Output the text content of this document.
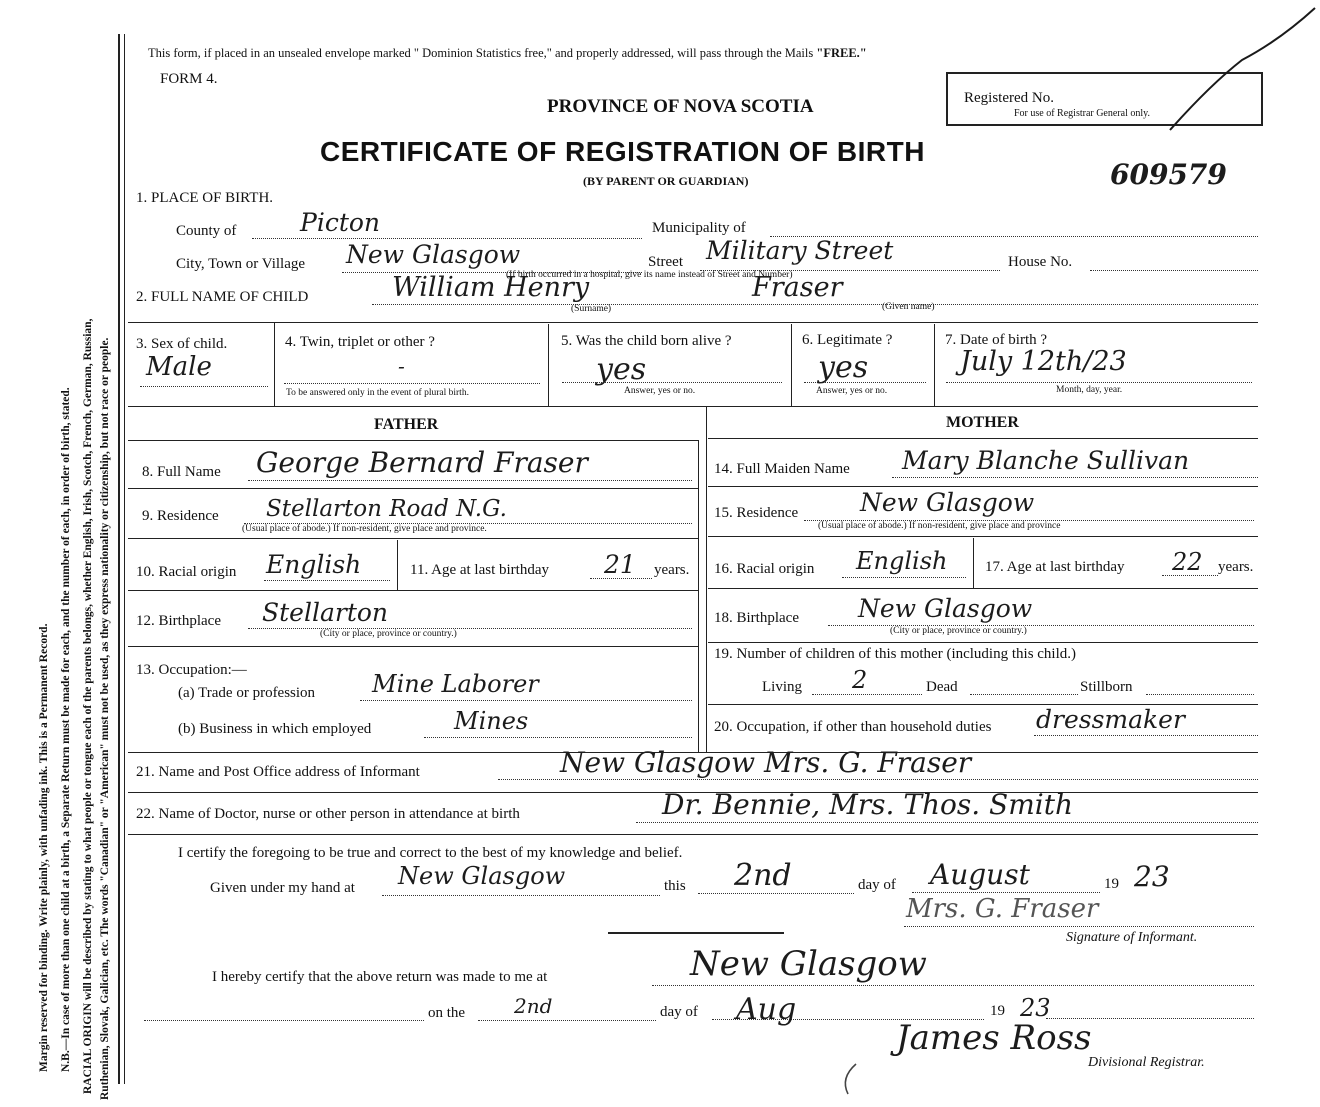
Margin reserved for binding. Write plainly, with unfading ink. This is a Permanent Record. N.B.—In case of more than one child at a birth, a Separate Return must be made for each, and the number of each, in order of birth, stated. RACIAL ORIGIN will be described by stating to what people or tongue each of the parents belongs, whether English, Irish, Scotch, French, German, Russian, Ruthenian, Slovak, Galician, etc. The words "Canadian" or "American" must not be used, as they express nationality or citizenship, but not race or people.
This form, if placed in an unsealed envelope marked " Dominion Statistics free," and properly addressed, will pass through the Mails "FREE."
FORM 4.
PROVINCE OF NOVA SCOTIA
CERTIFICATE OF REGISTRATION OF BIRTH
(BY PARENT OR GUARDIAN)
Registered No.
For use of Registrar General only.
609579
1. PLACE OF BIRTH.
County of	Picton	Municipality of
City, Town or Village New Glasgow	Street Military Street	House No.
(If birth occurred in a hospital, give its name instead of Street and Number)
2. FULL NAME OF CHILD	William Henry	Fraser
(Surname)	(Given name)
3. Sex of child.
Male
4. Twin, triplet or other ?
-
To be answered only in the event of plural birth.
5. Was the child born alive ?
yes
Answer, yes or no.
6. Legitimate ?
yes
Answer, yes or no.
7. Date of birth ?
July 12th/23
Month, day, year.
FATHER	MOTHER
8. Full Name George Bernard Fraser
9. Residence Stellarton Road N.G.
(Usual place of abode.) If non-resident, give place and province.
10. Racial origin English	11. Age at last birthday 21 years.
12. Birthplace Stellarton
(City or place, province or country.)
13. Occupation:—
(a) Trade or profession Mine Laborer
(b) Business in which employed	Mines
14. Full Maiden Name Mary Blanche Sullivan
15. Residence New Glasgow
(Usual place of abode.) If non-resident, give place and province
16. Racial origin English	17. Age at last birthday 22 years.
18. Birthplace New Glasgow
(City or place, province or country.)
19. Number of children of this mother (including this child.)
Living 2	Dead	Stillborn
20. Occupation, if other than household duties dressmaker
21. Name and Post Office address of Informant	New Glasgow Mrs. G. Fraser
22. Name of Doctor, nurse or other person in attendance at birth	Dr. Bennie, Mrs. Thos. Smith
I certify the foregoing to be true and correct to the best of my knowledge and belief.
Given under my hand at New Glasgow	this 2nd	day of August	19 23
Mrs. G. Fraser
Signature of Informant.
I hereby certify that the above return was made to me at	New Glasgow
on the 2nd	day of Aug	19 23
James Ross
Divisional Registrar.
